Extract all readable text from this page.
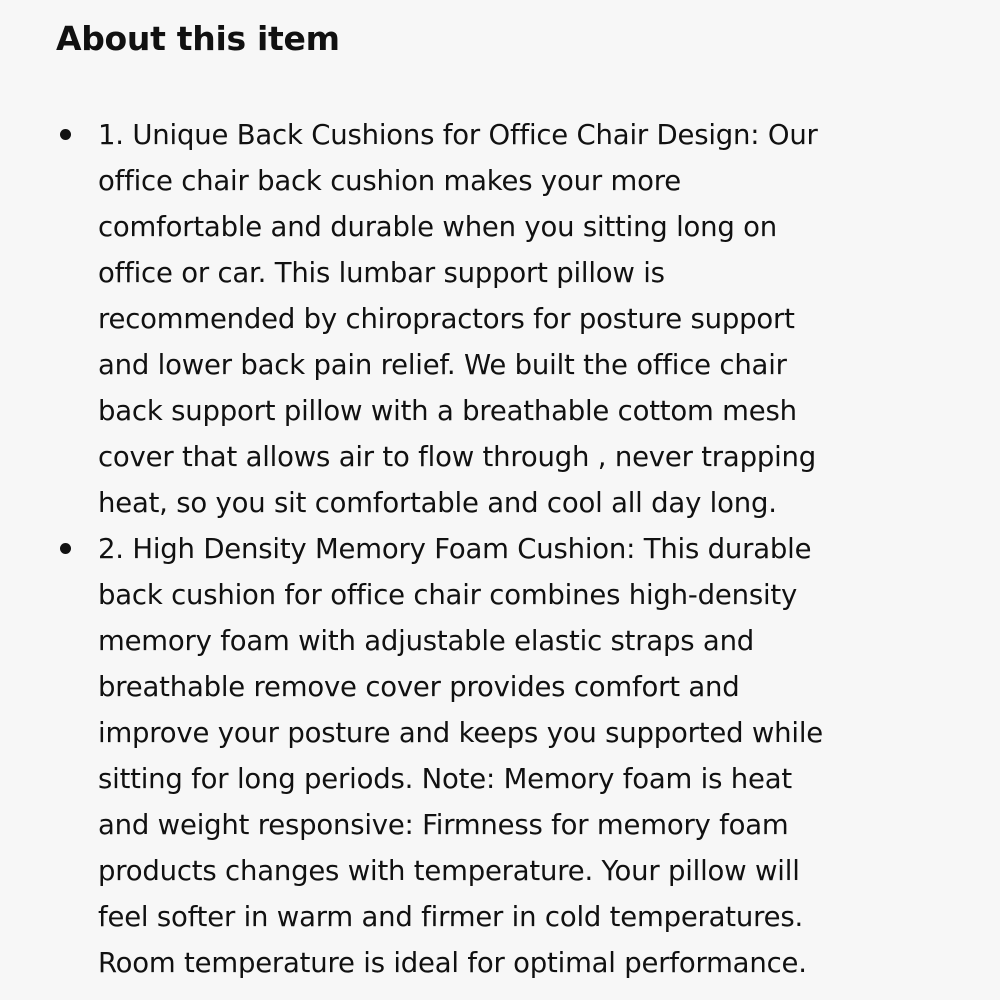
About this item
1. Unique Back Cushions for Office Chair Design: Our
office chair back cushion makes your more
comfortable and durable when you sitting long on
office or car. This lumbar support pillow is
recommended by chiropractors for posture support
and lower back pain relief. We built the office chair
back support pillow with a breathable cottom mesh
cover that allows air to flow through , never trapping
heat, so you sit comfortable and cool all day long.
2. High Density Memory Foam Cushion: This durable
back cushion for office chair combines high-density
memory foam with adjustable elastic straps and
breathable remove cover provides comfort and
improve your posture and keeps you supported while
sitting for long periods. Note: Memory foam is heat
and weight responsive: Firmness for memory foam
products changes with temperature. Your pillow will
feel softer in warm and firmer in cold temperatures.
Room temperature is ideal for optimal performance.
